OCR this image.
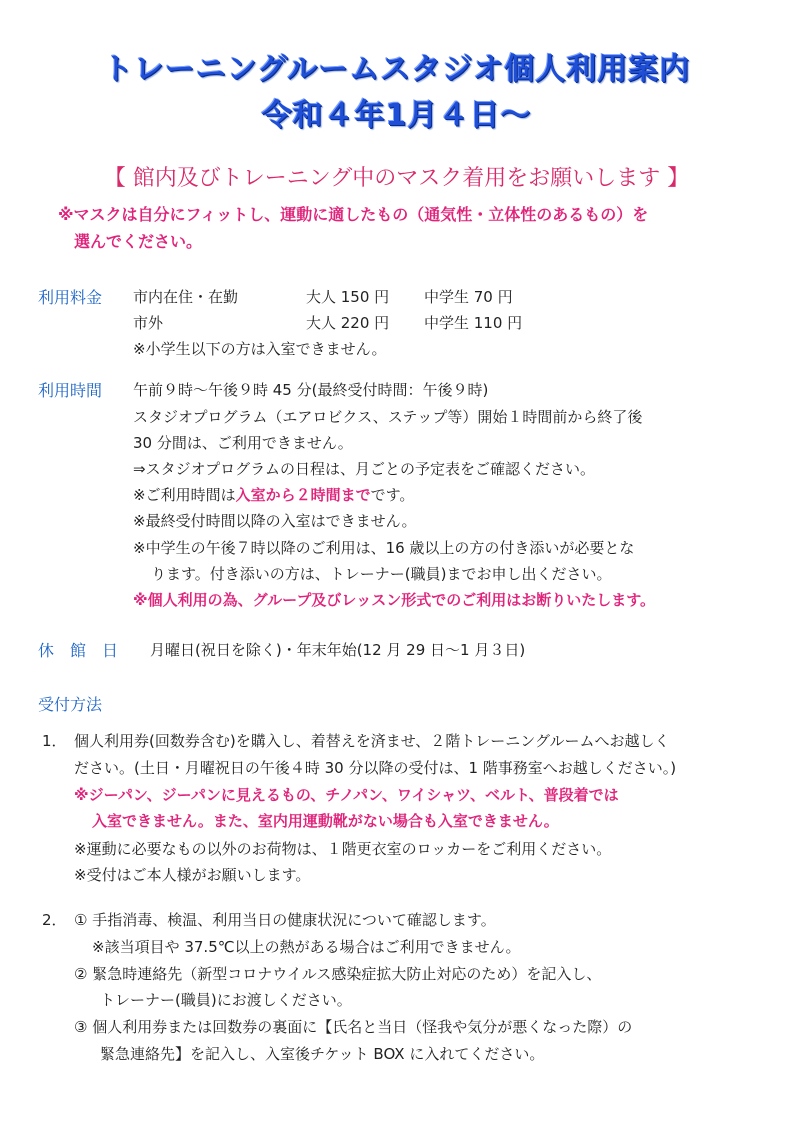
トレーニングルームスタジオ個人利用案内
令和４年1月４日～
【 館内及びトレーニング中のマスク着用をお願いします 】
※マスクは自分にフィットし、運動に適したもの（通気性・立体性のあるもの）を
選んでください。
利用料金 市内在住・在勤	大人 150 円 中学生 70 円
市外	大人 220 円 中学生 110 円
※小学生以下の方は入室できません。
利用時間 午前９時～午後９時 45 分(最終受付時間：午後９時)
スタジオプログラム（エアロビクス、ステップ等）開始１時間前から終了後
30 分間は、ご利用できません。
⇒スタジオプログラムの日程は、月ごとの予定表をご確認ください。
※ご利用時間は入室から２時間までです。
※最終受付時間以降の入室はできません。
※中学生の午後７時以降のご利用は、16 歳以上の方の付き添いが必要とな
ります。付き添いの方は、トレーナー(職員)までお申し出ください。
※個人利用の為、グループ及びレッスン形式でのご利用はお断りいたします。
休　館　日 月曜日(祝日を除く)・年末年始(12 月 29 日～1 月３日)
受付方法
1． 個人利用券(回数券含む)を購入し、着替えを済ませ、２階トレーニングルームへお越しく
ださい。(土日・月曜祝日の午後４時 30 分以降の受付は、1 階事務室へお越しください。)
※ジーパン、ジーパンに見えるもの、チノパン、ワイシャツ、ベルト、普段着では
入室できません。また、室内用運動靴がない場合も入室できません。
※運動に必要なもの以外のお荷物は、１階更衣室のロッカーをご利用ください。
※受付はご本人様がお願いします。
2． ① 手指消毒、検温、利用当日の健康状況について確認します。
※該当項目や 37.5℃以上の熱がある場合はご利用できません。
② 緊急時連絡先（新型コロナウイルス感染症拡大防止対応のため）を記入し、
トレーナー(職員)にお渡しください。
③ 個人利用券または回数券の裏面に【氏名と当日（怪我や気分が悪くなった際）の
緊急連絡先】を記入し、入室後チケット BOX に入れてください。
